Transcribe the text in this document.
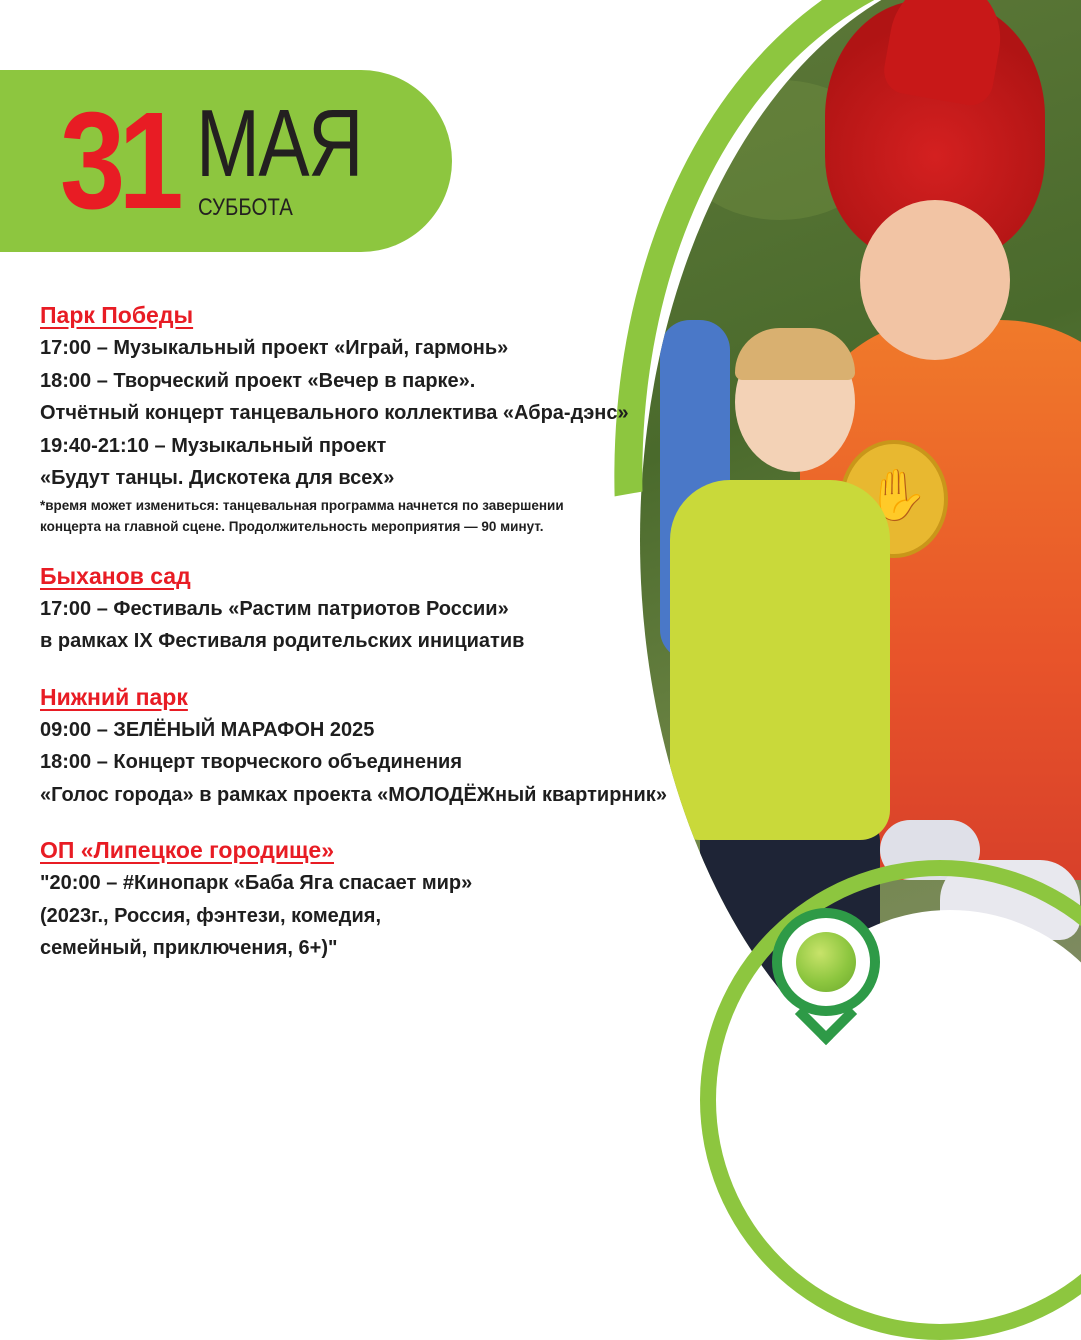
✋
31 МАЯ
СУББОТА

Парк Победы

17:00 – Музыкальный проект «Играй, гармонь»

18:00 – Творческий проект «Вечер в парке».

Отчётный концерт танцевального коллектива «Абра-дэнс»

19:40-21:10 – Музыкальный проект

«Будут танцы. Дискотека для всех»

*время может измениться: танцевальная программа начнется по завершении

концерта на главной сцене. Продолжительность мероприятия — 90 минут.

Быханов сад

17:00 – Фестиваль «Растим патриотов России»

в рамках IX Фестиваля родительских инициатив

Нижний парк

09:00 – ЗЕЛЁНЫЙ МАРАФОН 2025

18:00 – Концерт творческого объединения

«Голос города» в рамках проекта «МОЛОДЁЖный квартирник»

ОП «Липецкое городище»

"20:00 – #Кинопарк «Баба Яга спасает мир»

(2023г., Россия, фэнтези, комедия,

семейный, приключения, 6+)"
